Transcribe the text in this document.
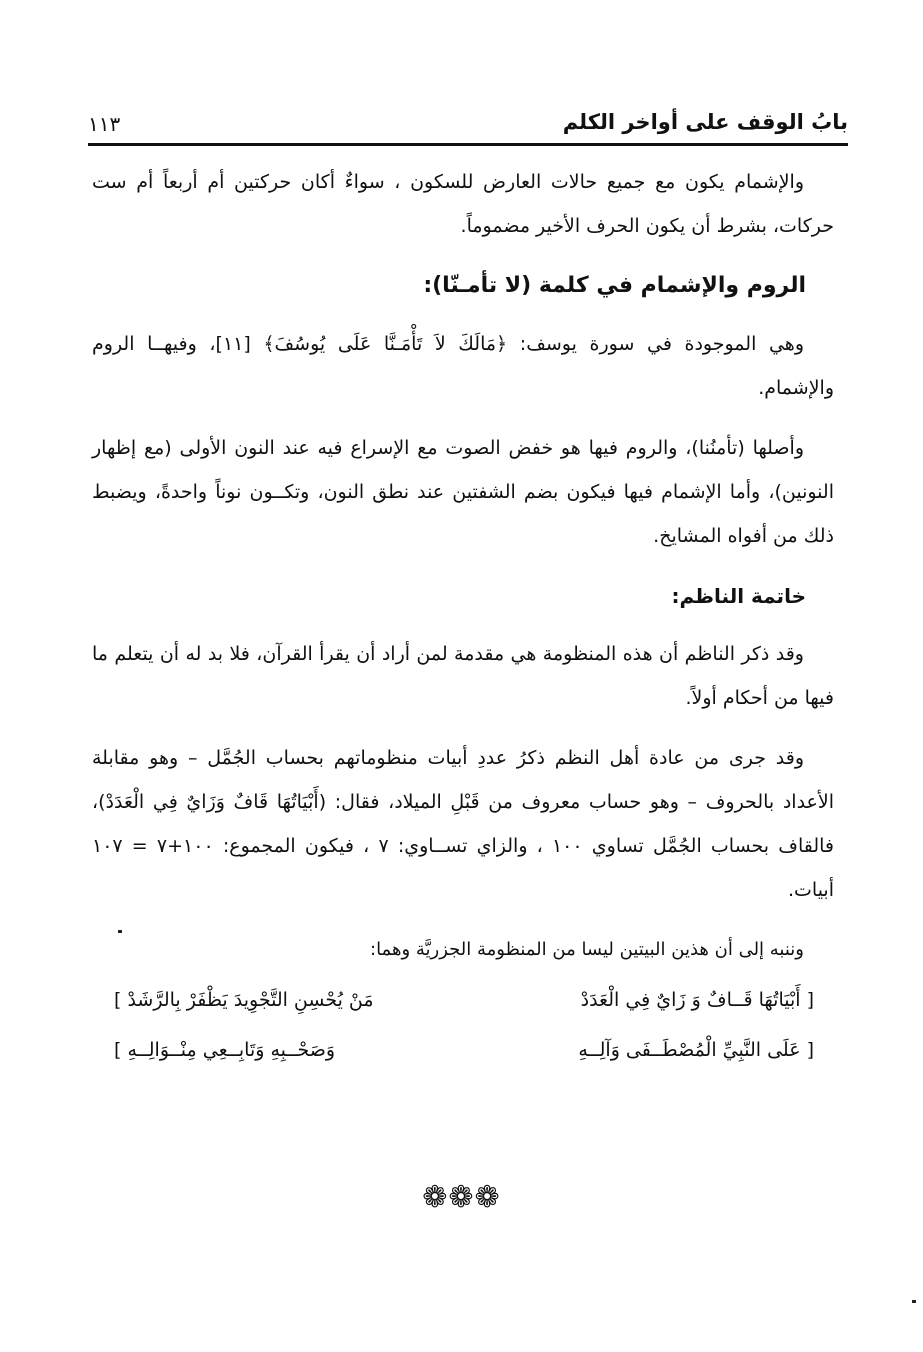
بابُ الوقف على أواخر الكلم
١١٣

والإشمام يكون مع جميع حالات العارض للسكون ، سواءٌ أكان حركتين أم أربعاً أم ست حركات، بشرط أن يكون الحرف الأخير مضموماً.

الروم والإشمام في كلمة (لا تأمـنّا):

وهي الموجودة في سورة يوسف: ﴿مَالَكَ لاَ تَأْمَـنَّا عَلَى يُوسُفَ﴾ [١١]، وفيهــا الروم والإشمام.

وأصلها (تأمنُنا)، والروم فيها هو خفض الصوت مع الإسراع فيه عند النون الأولى (مع إظهار النونين)، وأما الإشمام فيها فيكون بضم الشفتين عند نطق النون، وتكــون نوناً واحدةً، ويضبط ذلك من أفواه المشايخ.

خاتمة الناظم:

وقد ذكر الناظم أن هذه المنظومة هي مقدمة لمن أراد أن يقرأ القرآن، فلا بد له أن يتعلم ما فيها من أحكام أولاً.

وقد جرى من عادة أهل النظم ذكرُ عددِ أبيات منظوماتهم بحساب الجُمَّل – وهو مقابلة الأعداد بالحروف – وهو حساب معروف من قَبْلِ الميلاد، فقال: (أَبْيَاتُهَا قَافٌ وَزَايٌ فِي الْعَدَدْ)، فالقاف بحساب الجُمَّل تساوي ١٠٠ ، والزاي تســاوي: ٧ ، فيكون المجموع: ١٠٠+٧ = ١٠٧ أبيات.

وننبه إلى أن هذين البيتين ليسا من المنظومة الجزريَّة وهما:
[ أَبْيَاتُهَا قَــافٌ وَ زَايٌ فِي الْعَدَدْ
مَنْ يُحْسِنِ التَّجْوِيدَ يَظْفَرْ بِالرَّشَدْ ]
[ عَلَى النَّبِيِّ الْمُصْطَــفَى وَآلِــهِ
وَصَحْــبِهِ وَتَابِــعِي مِنْــوَالِــهِ ]
❁❁❁
